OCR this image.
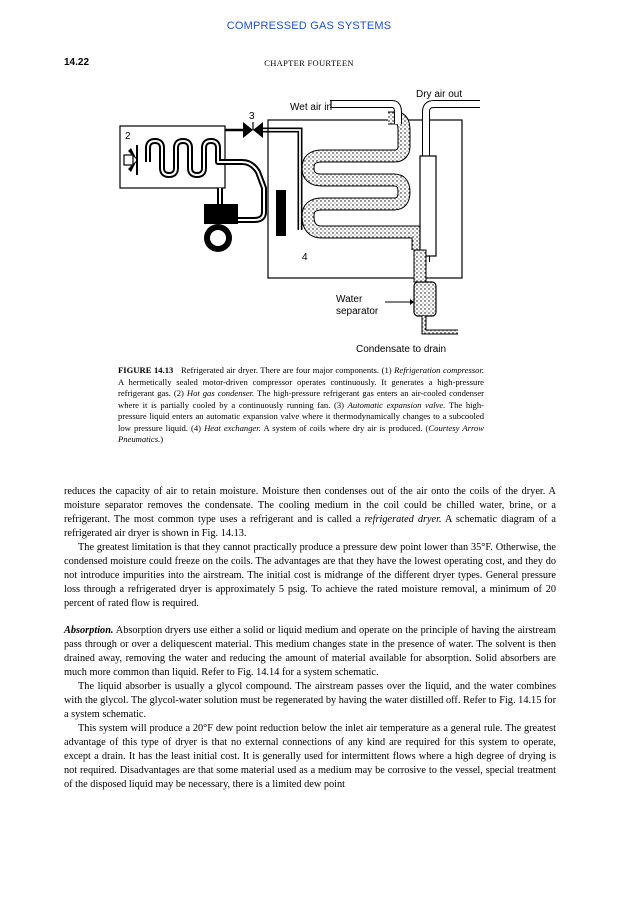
COMPRESSED GAS SYSTEMS
14.22	CHAPTER FOURTEEN
Dry air out
Wet air in
3
2
1
4
Water
separator
Condensate to drain
FIGURE 14.13 Refrigerated air dryer. There are four major components. (1) Refrigeration compressor. A hermetically sealed motor-driven compressor operates continuously. It generates a high-pressure refrigerant gas. (2) Hot gas condenser. The high-pressure refrigerant gas enters an air-cooled condenser where it is partially cooled by a continuously running fan. (3) Automatic expansion valve. The high-pressure liquid enters an automatic expansion valve where it thermodynamically changes to a subcooled low pressure liquid. (4) Heat exchanger. A system of coils where dry air is produced. (Courtesy Arrow Pneumatics.)

reduces the capacity of air to retain moisture. Moisture then condenses out of the air onto the coils of the dryer. A moisture separator removes the condensate. The cooling medium in the coil could be chilled water, brine, or a refrigerant. The most common type uses a refrigerant and is called a refrigerated dryer. A schematic diagram of a refrigerated air dryer is shown in Fig. 14.13.

The greatest limitation is that they cannot practically produce a pressure dew point lower than 35°F. Otherwise, the condensed moisture could freeze on the coils. The advantages are that they have the lowest operating cost, and they do not introduce impurities into the airstream. The initial cost is midrange of the different dryer types. General pressure loss through a refrigerated dryer is approximately 5 psig. To achieve the rated moisture removal, a minimum of 20 percent of rated flow is required.

Absorption. Absorption dryers use either a solid or liquid medium and operate on the principle of having the airstream pass through or over a deliquescent material. This medium changes state in the presence of water. The solvent is then drained away, removing the water and reducing the amount of material available for absorption. Solid absorbers are much more common than liquid. Refer to Fig. 14.14 for a system schematic.

The liquid absorber is usually a glycol compound. The airstream passes over the liquid, and the water combines with the glycol. The glycol-water solution must be regenerated by having the water distilled off. Refer to Fig. 14.15 for a system schematic.

This system will produce a 20°F dew point reduction below the inlet air temperature as a general rule. The greatest advantage of this type of dryer is that no external connections of any kind are required for this system to operate, except a drain. It has the least initial cost. It is generally used for intermittent flows where a high degree of drying is not required. Disadvantages are that some material used as a medium may be corrosive to the vessel, special treatment of the disposed liquid may be necessary, there is a limited dew point
